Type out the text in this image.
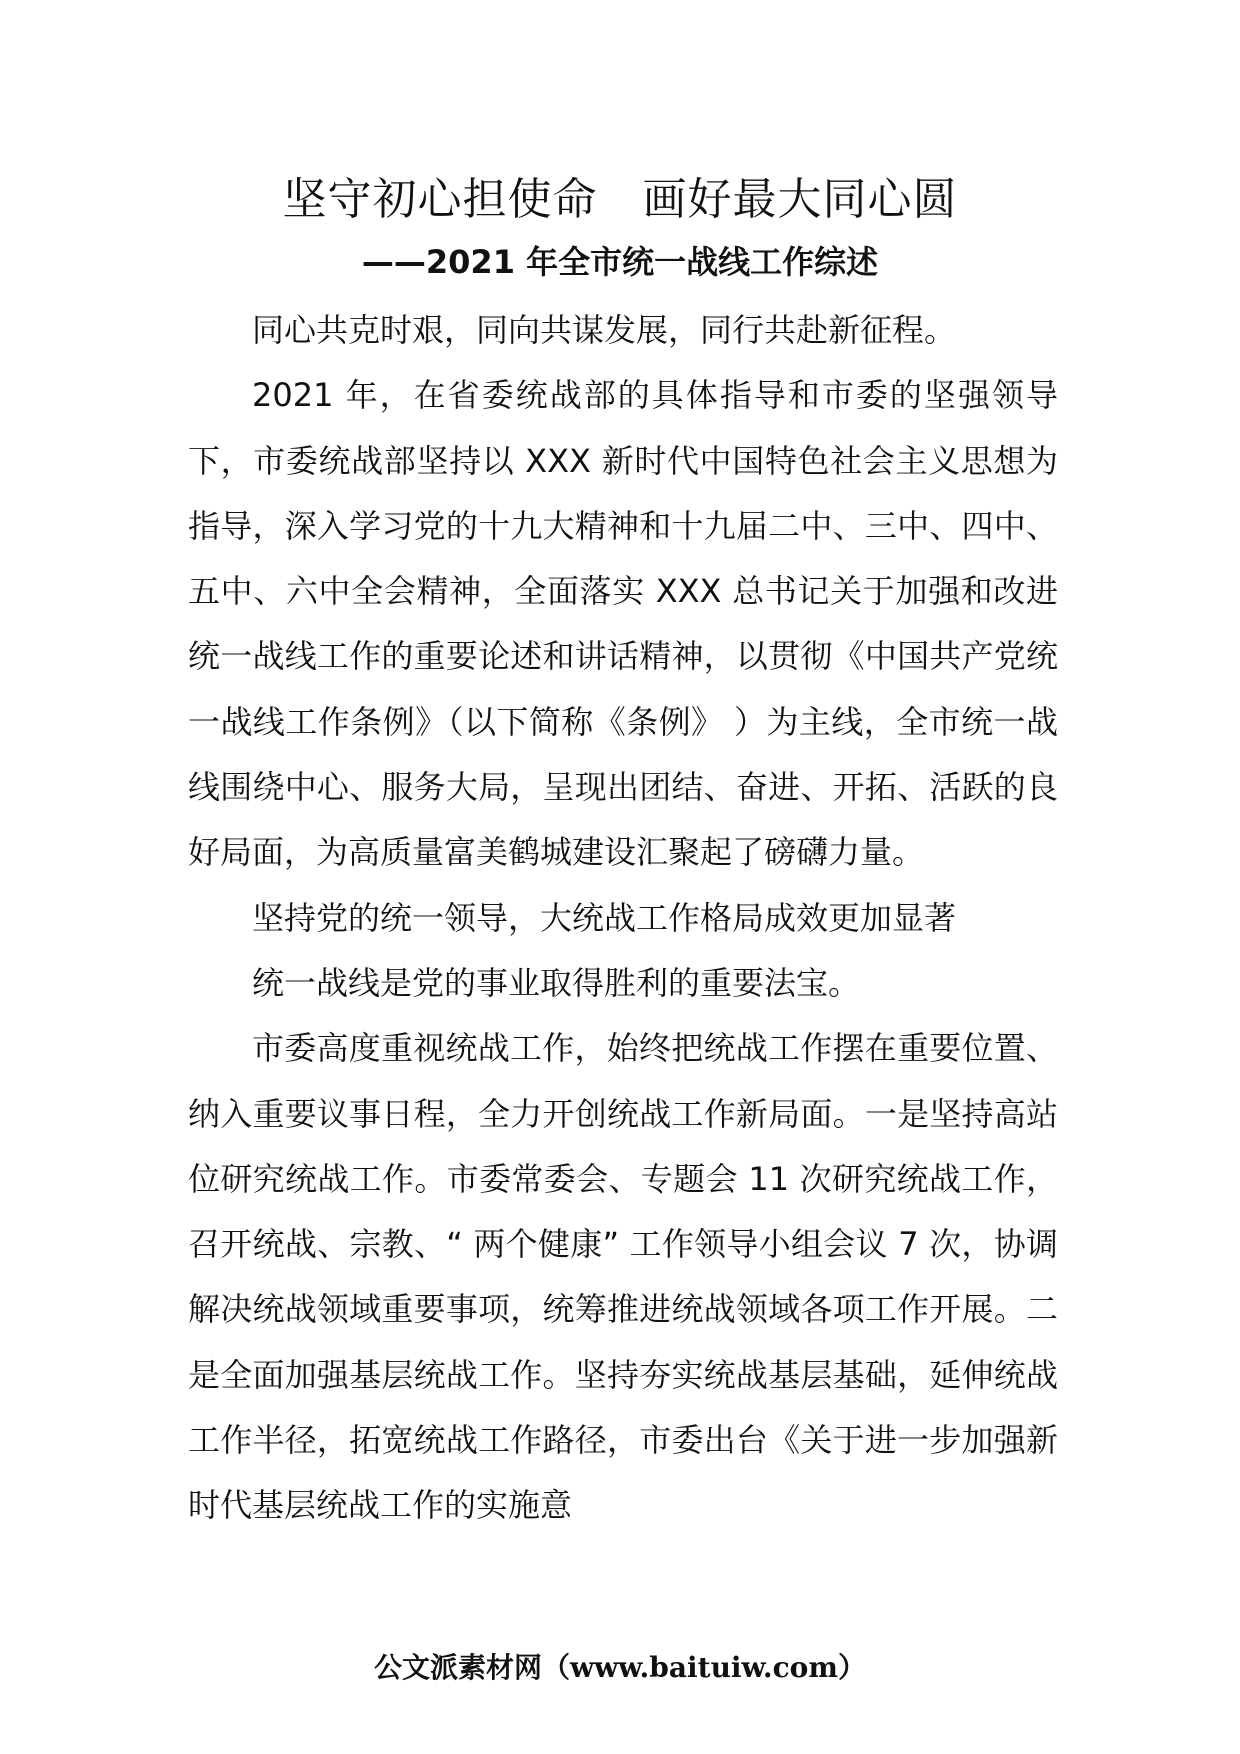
坚守初心担使命　画好最大同心圆
——2021 年全市统一战线工作综述

同心共克时艰，同向共谋发展，同行共赴新征程。

2021 年，在省委统战部的具体指导和市委的坚强领导下，市委统战部坚持以 XXX 新时代中国特色社会主义思想为指导，深入学习党的十九大精神和十九届二中、三中、四中、五中、六中全会精神，全面落实 XXX 总书记关于加强和改进统一战线工作的重要论述和讲话精神，以贯彻《中国共产党统一战线工作条例》（以下简称《条例》 ）为主线，全市统一战线围绕中心、服务大局，呈现出团结、奋进、开拓、活跃的良好局面，为高质量富美鹤城建设汇聚起了磅礴力量。

坚持党的统一领导，大统战工作格局成效更加显著

统一战线是党的事业取得胜利的重要法宝。

市委高度重视统战工作，始终把统战工作摆在重要位置、纳入重要议事日程，全力开创统战工作新局面。一是坚持高站位研究统战工作。市委常委会、专题会 11 次研究统战工作，召开统战、宗教、“ 两个健康” 工作领导小组会议 7 次，协调解决统战领域重要事项，统筹推进统战领域各项工作开展。二是全面加强基层统战工作。坚持夯实统战基层基础，延伸统战工作半径，拓宽统战工作路径，市委出台《关于进一步加强新时代基层统战工作的实施意

公文派素材网（www.baituiw.com）
